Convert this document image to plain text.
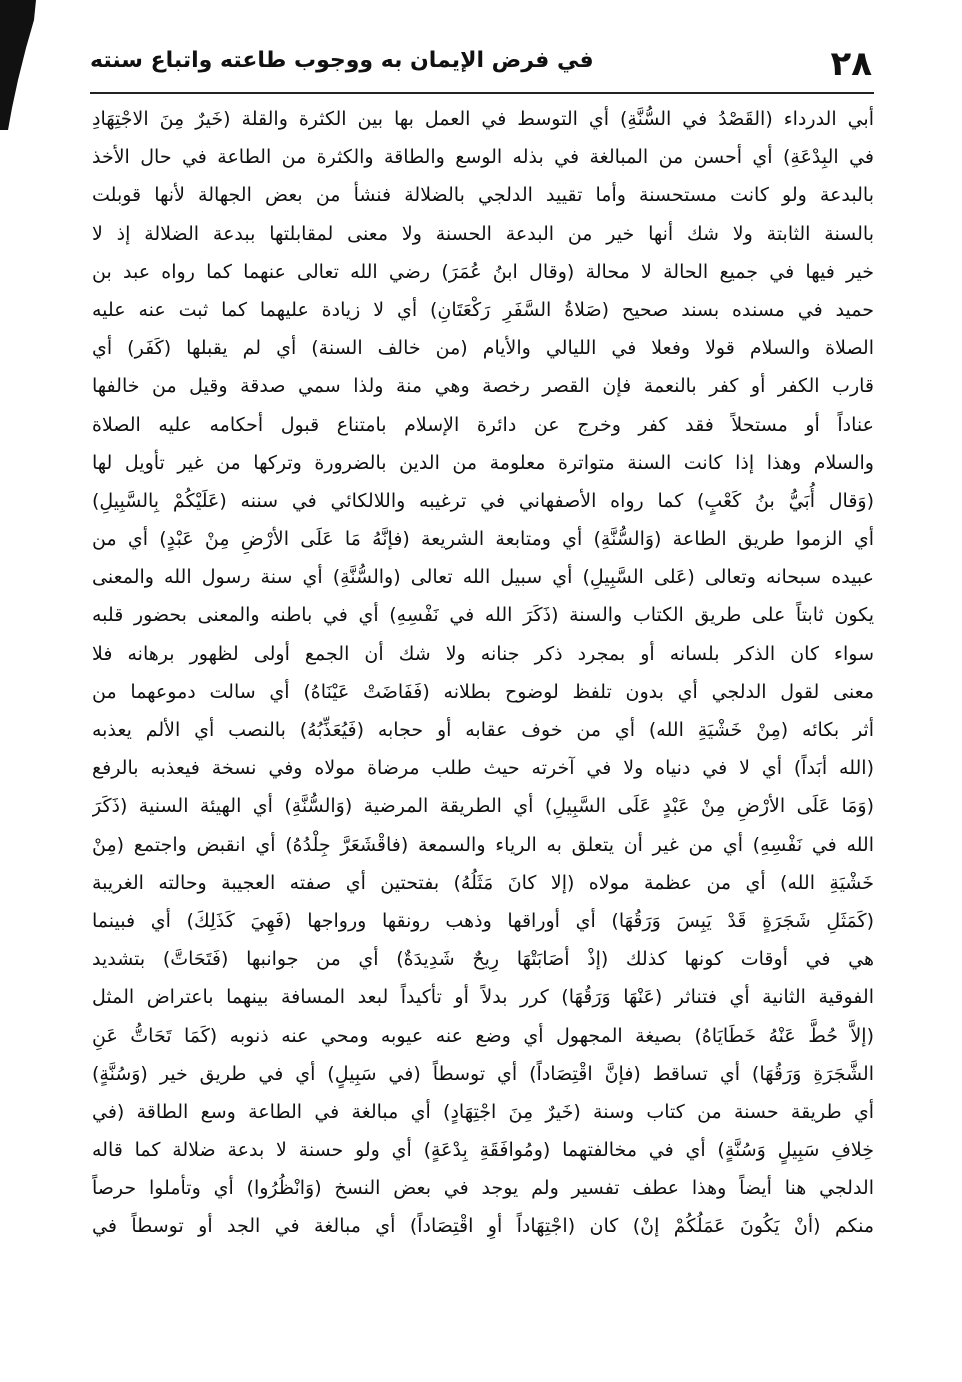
٢٨
في فرض الإيمان به ووجوب طاعته واتباع سنته
أبي الدرداء (القَصْدُ في السُّنَّةِ) أي التوسط في العمل بها بين الكثرة والقلة (خَيرٌ مِنَ الاجْتِهَادِ
في البِدْعَةِ) أي أحسن من المبالغة في بذله الوسع والطاقة والكثرة من الطاعة في حال الأخذ
بالبدعة ولو كانت مستحسنة وأما تقييد الدلجي بالضلالة فنشأ من بعض الجهالة لأنها قوبلت
بالسنة الثابتة ولا شك أنها خير من البدعة الحسنة ولا معنى لمقابلتها ببدعة الضلالة إذ لا
خير فيها في جميع الحالة لا محالة (وقال ابنُ عُمَرَ) رضي الله تعالى عنهما كما رواه عبد بن
حميد في مسنده بسند صحيح (صَلاةُ السَّفَرِ رَكْعَتَانِ) أي لا زيادة عليهما كما ثبت عنه عليه
الصلاة والسلام قولا وفعلا في الليالي والأيام (من خالف السنة) أي لم يقبلها (كَفَر) أي
قارب الكفر أو كفر بالنعمة فإن القصر رخصة وهي منة ولذا سمي صدقة وقيل من خالفها
عناداً أو مستحلاً فقد كفر وخرج عن دائرة الإسلام بامتناع قبول أحكامه عليه الصلاة
والسلام وهذا إذا كانت السنة متواترة معلومة من الدين بالضرورة وتركها من غير تأويل لها
(وَقال أُبَيُّ بنُ كَعْبٍ) كما رواه الأصفهاني في ترغيبه واللالكائي في سننه (عَلَيْكُمْ بِالسَّبِيلِ)
أي الزموا طريق الطاعة (وَالسُّنَّةِ) أي ومتابعة الشريعة (فإنَّهُ مَا عَلَى الأرْضِ مِنْ عَبْدٍ) أي من
عبيده سبحانه وتعالى (عَلى السَّبِيلِ) أي سبيل الله تعالى (والسُّنَّةِ) أي سنة رسول الله والمعنى
يكون ثابتاً على طريق الكتاب والسنة (ذَكَرَ الله في نَفْسِهِ) أي في باطنه والمعنى بحضور قلبه
سواء كان الذكر بلسانه أو بمجرد ذكر جنانه ولا شك أن الجمع أولى لظهور برهانه فلا
معنى لقول الدلجي أي بدون تلفظ لوضوح بطلانه (فَفَاضَتْ عَيْنَاهُ) أي سالت دموعهما من
أثر بكائه (مِنْ خَشْيَةِ الله) أي من خوف عقابه أو حجابه (فَيُعَذِّبُهُ) بالنصب أي الألم يعذبه
(الله أبَداً) أي لا في دنياه ولا في آخرته حيث طلب مرضاة مولاه وفي نسخة فيعذبه بالرفع
(وَمَا عَلَى الأرْضِ مِنْ عَبْدٍ عَلَى السَّبِيلِ) أي الطريقة المرضية (وَالسُّنَّةِ) أي الهيئة السنية (ذَكَرَ
الله في نَفْسِهِ) أي من غير أن يتعلق به الرياء والسمعة (فاقْشَعَرَّ جِلْدُهُ) أي انقبض واجتمع (مِنْ
خَشْيَةِ الله) أي من عظمة مولاه (إلا كانَ مَثَلُهُ) بفتحتين أي صفته العجيبة وحالته الغريبة
(كَمَثَلِ شَجَرَةٍ قَدْ يَبِسَ وَرَقُهَا) أي أوراقها وذهب رونقها ورواجها (فَهِيَ كَذَلِكَ) أي فبينما
هي في أوقات كونها كذلك (إذْ أصَابَتْهَا رِيحٌ شَدِيدَةٌ) أي من جوانبها (فَتَحَاتَّ) بتشديد
الفوقية الثانية أي فتناثر (عَنْهَا وَرَقُهَا) كرر بدلاً أو تأكيداً لبعد المسافة بينهما باعتراض المثل
(إلاَّ حُطَّ عَنْهُ خَطَايَاهُ) بصيغة المجهول أي وضع عنه عيوبه ومحي عنه ذنوبه (كَمَا تَحَاتُّ عَنِ
الشَّجَرَةِ وَرَقُهَا) أي تساقط (فإنَّ اقْتِصَاداً) أي توسطاً (في سَبِيلٍ) أي في طريق خير (وَسُنَّةٍ)
أي طريقة حسنة من كتاب وسنة (خَيرٌ مِنَ اجْتِهَادٍ) أي مبالغة في الطاعة وسع الطاقة (في
خِلافِ سَبِيلٍ وَسُنَّةٍ) أي في مخالفتهما (ومُوافَقَةِ بِدْعَةٍ) أي ولو حسنة لا بدعة ضلالة كما قاله
الدلجي هنا أيضاً وهذا عطف تفسير ولم يوجد في بعض النسخ (وَانْظُرُوا) أي وتأملوا حرصاً
منكم (أنْ يَكُونَ عَمَلُكُمْ إنْ) كان (اجْتِهَاداً أوِ اقْتِصَاداً) أي مبالغة في الجد أو توسطاً في
